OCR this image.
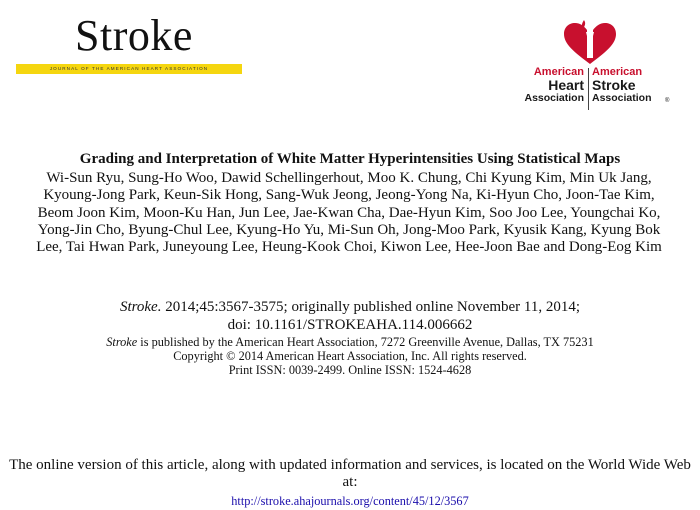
Stroke
JOURNAL OF THE AMERICAN HEART ASSOCIATION	American
Heart
Association
American
Stroke
Association	®
Grading and Interpretation of White Matter Hyperintensities Using Statistical Maps
Wi-Sun Ryu, Sung-Ho Woo, Dawid Schellingerhout, Moo K. Chung, Chi Kyung Kim, Min Uk Jang, Kyoung-Jong Park, Keun-Sik Hong, Sang-Wuk Jeong, Jeong-Yong Na, Ki-Hyun Cho, Joon-Tae Kim, Beom Joon Kim, Moon-Ku Han, Jun Lee, Jae-Kwan Cha, Dae-Hyun Kim, Soo Joo Lee, Youngchai Ko, Yong-Jin Cho, Byung-Chul Lee, Kyung-Ho Yu, Mi-Sun Oh, Jong-Moo Park, Kyusik Kang, Kyung Bok Lee, Tai Hwan Park, Juneyoung Lee, Heung-Kook Choi, Kiwon Lee, Hee-Joon Bae and Dong-Eog Kim
Stroke. 2014;45:3567-3575; originally published online November 11, 2014;
doi: 10.1161/STROKEAHA.114.006662
Stroke is published by the American Heart Association, 7272 Greenville Avenue, Dallas, TX 75231
Copyright © 2014 American Heart Association, Inc. All rights reserved.
Print ISSN: 0039-2499. Online ISSN: 1524-4628
The online version of this article, along with updated information and services, is located on the World Wide Web at:
http://stroke.ahajournals.org/content/45/12/3567
